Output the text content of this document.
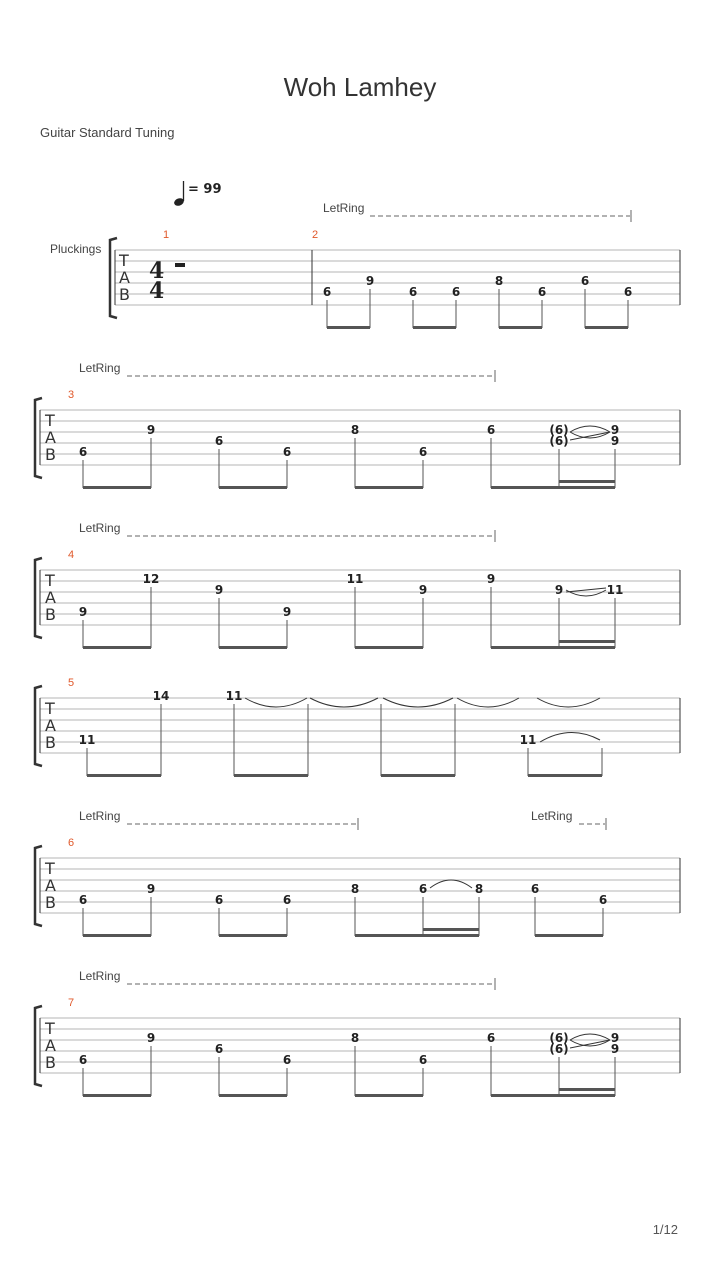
Woh Lamhey
Guitar Standard Tuning
1/12
= 99
Pluckings
LetRing
T
A
B
4
4
1	2
6
9
6	6
8
6
6
6
LetRing
T
A
B
3
6
9
6
6
8
6
6	(6)	9
(6)	9
LetRing
T
A
B
4
9
12
9
9
11
9
9
9	11
T
A
B
5
11
14	11
11
LetRing	LetRing
T
A
B
6
6
9
6	6
8	6	8	6
6
LetRing
T
A
B
7
6
9
6
6
8
6
6	(6)	9
(6)	9
